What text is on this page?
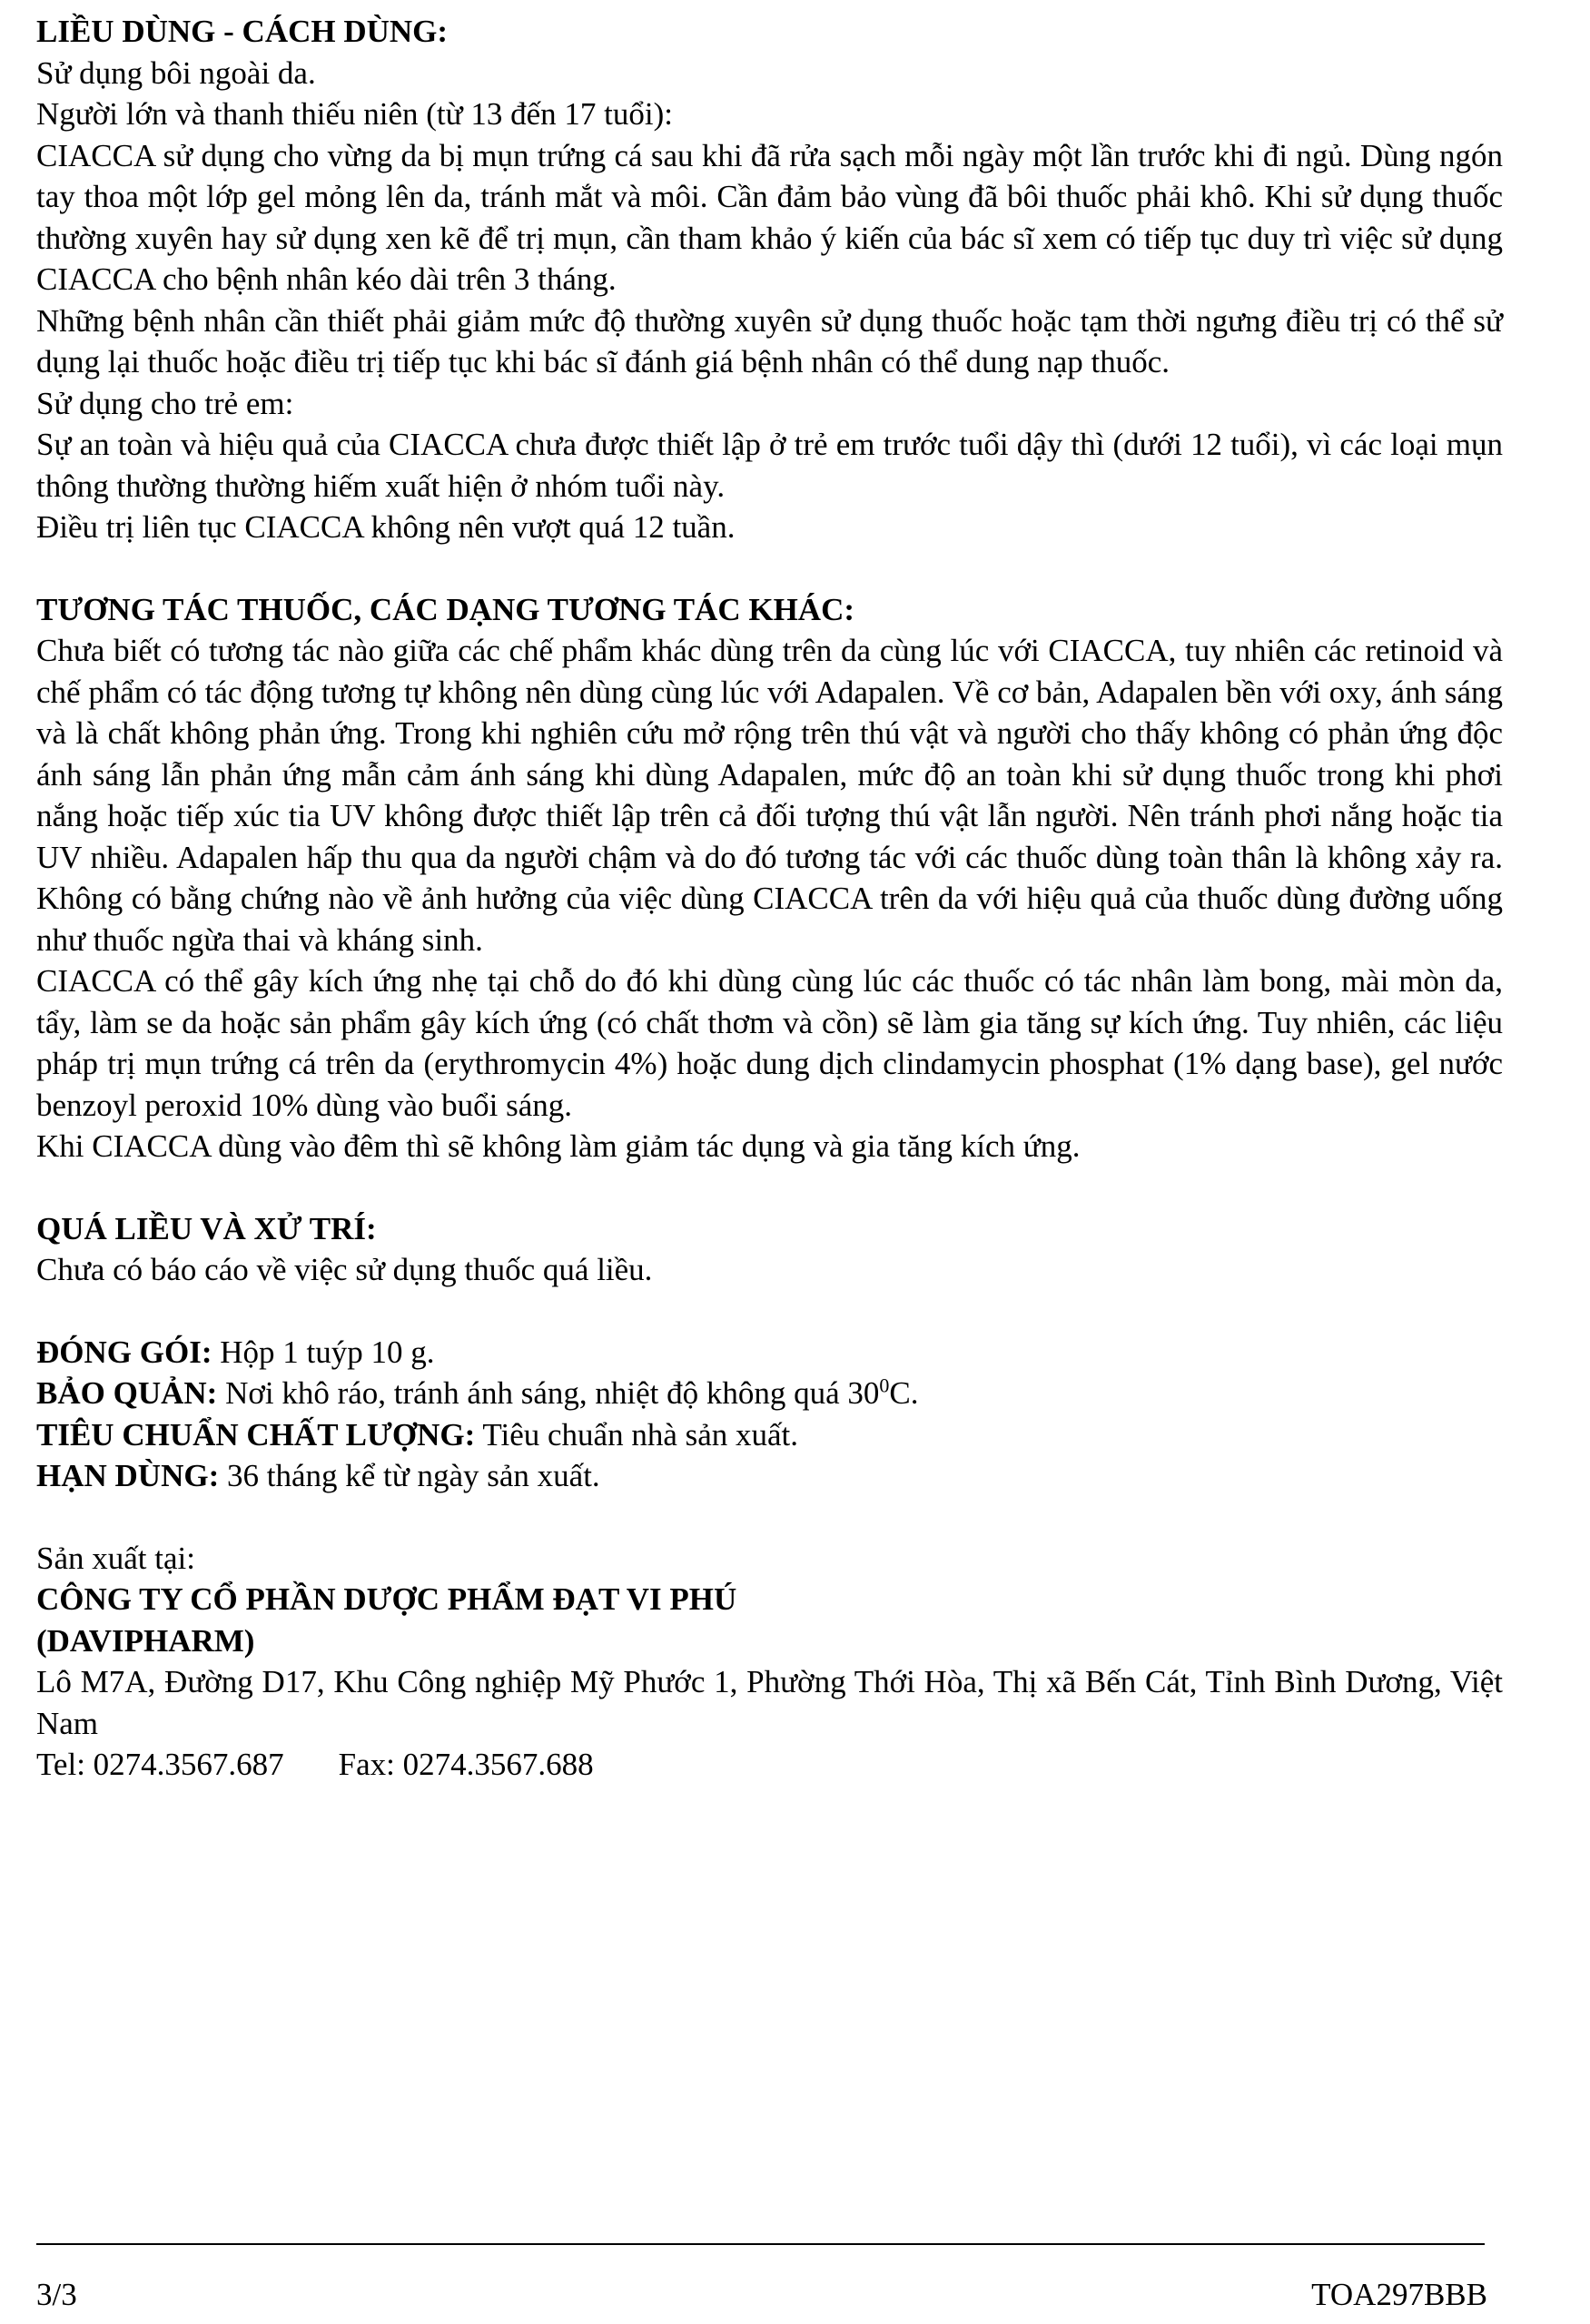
LIỀU DÙNG - CÁCH DÙNG:

Sử dụng bôi ngoài da.

Người lớn và thanh thiếu niên (từ 13 đến 17 tuổi):

CIACCA sử dụng cho vừng da bị mụn trứng cá sau khi đã rửa sạch mỗi ngày một lần trước khi đi ngủ. Dùng ngón tay thoa một lớp gel mỏng lên da, tránh mắt và môi. Cần đảm bảo vùng đã bôi thuốc phải khô. Khi sử dụng thuốc thường xuyên hay sử dụng xen kẽ để trị mụn, cần tham khảo ý kiến của bác sĩ xem có tiếp tục duy trì việc sử dụng CIACCA cho bệnh nhân kéo dài trên 3 tháng.

Những bệnh nhân cần thiết phải giảm mức độ thường xuyên sử dụng thuốc hoặc tạm thời ngưng điều trị có thể sử dụng lại thuốc hoặc điều trị tiếp tục khi bác sĩ đánh giá bệnh nhân có thể dung nạp thuốc.

Sử dụng cho trẻ em:

Sự an toàn và hiệu quả của CIACCA chưa được thiết lập ở trẻ em trước tuổi dậy thì (dưới 12 tuổi), vì các loại mụn thông thường thường hiếm xuất hiện ở nhóm tuổi này.

Điều trị liên tục CIACCA không nên vượt quá 12 tuần.

TƯƠNG TÁC THUỐC, CÁC DẠNG TƯƠNG TÁC KHÁC:

Chưa biết có tương tác nào giữa các chế phẩm khác dùng trên da cùng lúc với CIACCA, tuy nhiên các retinoid và chế phẩm có tác động tương tự không nên dùng cùng lúc với Adapalen. Về cơ bản, Adapalen bền với oxy, ánh sáng và là chất không phản ứng. Trong khi nghiên cứu mở rộng trên thú vật và người cho thấy không có phản ứng độc ánh sáng lẫn phản ứng mẫn cảm ánh sáng khi dùng Adapalen, mức độ an toàn khi sử dụng thuốc trong khi phơi nắng hoặc tiếp xúc tia UV không được thiết lập trên cả đối tượng thú vật lẫn người. Nên tránh phơi nắng hoặc tia UV nhiều. Adapalen hấp thu qua da người chậm và do đó tương tác với các thuốc dùng toàn thân là không xảy ra. Không có bằng chứng nào về ảnh hưởng của việc dùng CIACCA trên da với hiệu quả của thuốc dùng đường uống như thuốc ngừa thai và kháng sinh.

CIACCA có thể gây kích ứng nhẹ tại chỗ do đó khi dùng cùng lúc các thuốc có tác nhân làm bong, mài mòn da, tẩy, làm se da hoặc sản phẩm gây kích ứng (có chất thơm và cồn) sẽ làm gia tăng sự kích ứng. Tuy nhiên, các liệu pháp trị mụn trứng cá trên da (erythromycin 4%) hoặc dung dịch clindamycin phosphat (1% dạng base), gel nước benzoyl peroxid 10% dùng vào buổi sáng.

Khi CIACCA dùng vào đêm thì sẽ không làm giảm tác dụng và gia tăng kích ứng.

QUÁ LIỀU VÀ XỬ TRÍ:

Chưa có báo cáo về việc sử dụng thuốc quá liều.

ĐÓNG GÓI: Hộp 1 tuýp 10 g.

BẢO QUẢN: Nơi khô ráo, tránh ánh sáng, nhiệt độ không quá $30^0C$.

TIÊU CHUẨN CHẤT LƯỢNG: Tiêu chuẩn nhà sản xuất.

HẠN DÙNG: 36 tháng kể từ ngày sản xuất.

Sản xuất tại:

CÔNG TY CỔ PHẦN DƯỢC PHẨM ĐẠT VI PHÚ

(DAVIPHARM)

Lô M7A, Đường D17, Khu Công nghiệp Mỹ Phước 1, Phường Thới Hòa, Thị xã Bến Cát, Tỉnh Bình Dương, Việt Nam

Tel: 0274.3567.687 Fax: 0274.3567.688

3/3	TOA297BBB
